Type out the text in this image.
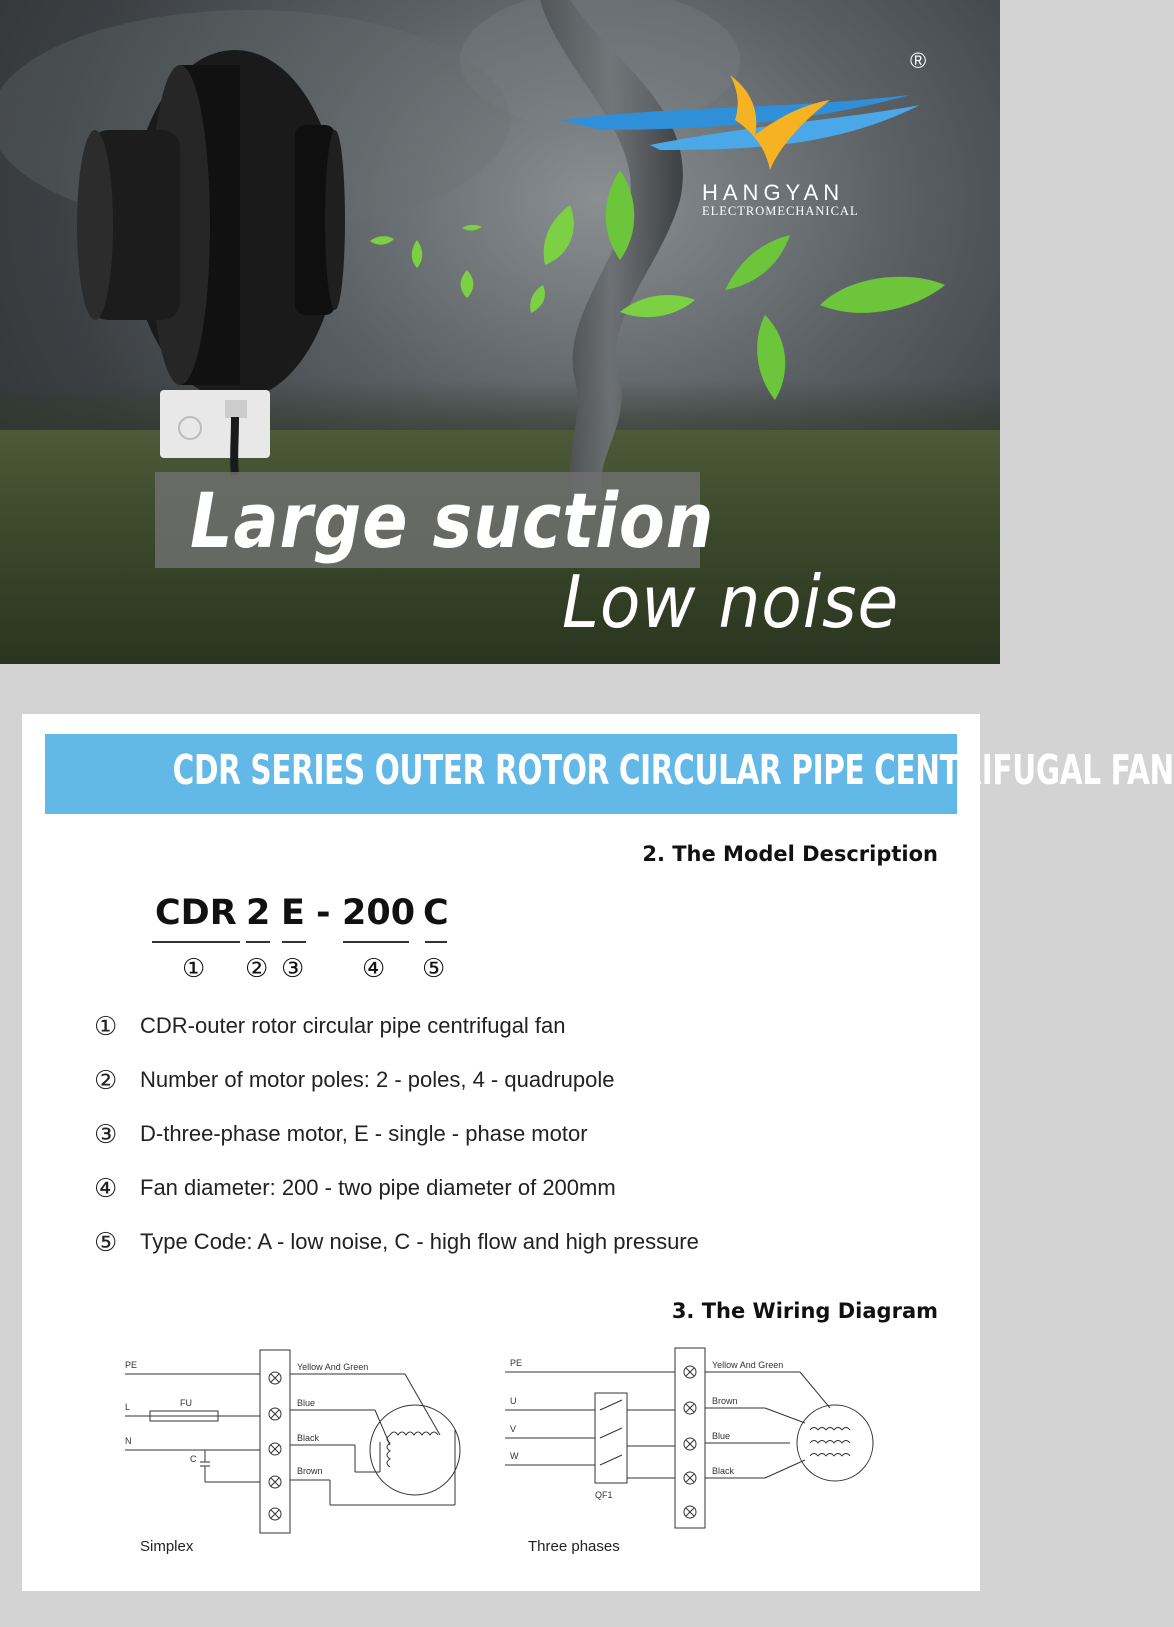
®
HANGYAN
ELECTROMECHANICAL
Large suction
Low noise
CDR SERIES OUTER ROTOR CIRCULAR PIPE CENTRIFUGAL FAN
2. The Model Description
CDR 2 E - 200 C
① ② ③ ④ ⑤
① CDR-outer rotor circular pipe centrifugal fan
② Number of motor poles: 2 - poles, 4 - quadrupole
③ D-three-phase motor, E - single - phase motor
④ Fan diameter: 200 - two pipe diameter of 200mm
⑤ Type Code: A - low noise, C - high flow and high pressure
3. The Wiring Diagram
PE
L
N
FU
C
Yellow And Green
Blue
Black
Brown
PE
U
V
W
QF1
Yellow And Green
Brown
Blue
Black
Simplex	Three phases
